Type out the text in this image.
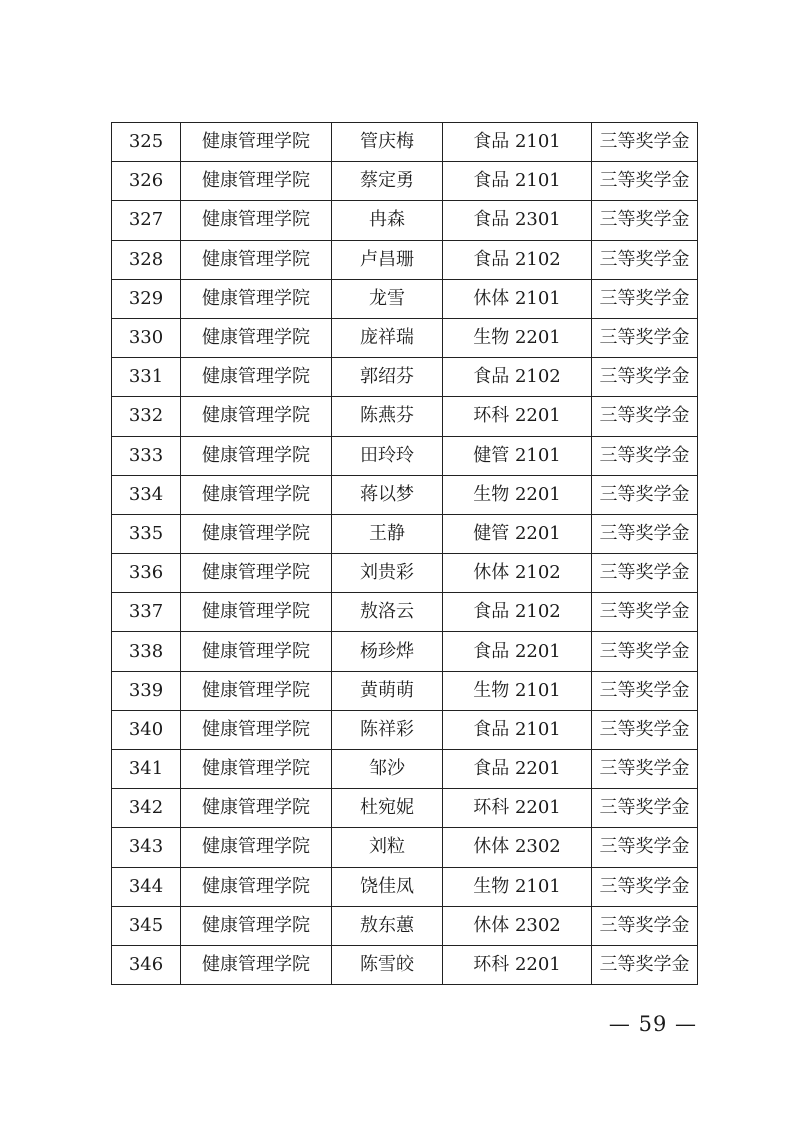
325	健康管理学院	管庆梅	食品 2101	三等奖学金
326	健康管理学院	蔡定勇	食品 2101	三等奖学金
327	健康管理学院	冉森	食品 2301	三等奖学金
328	健康管理学院	卢昌珊	食品 2102	三等奖学金
329	健康管理学院	龙雪	休体 2101	三等奖学金
330	健康管理学院	庞祥瑞	生物 2201	三等奖学金
331	健康管理学院	郭绍芬	食品 2102	三等奖学金
332	健康管理学院	陈燕芬	环科 2201	三等奖学金
333	健康管理学院	田玲玲	健管 2101	三等奖学金
334	健康管理学院	蒋以梦	生物 2201	三等奖学金
335	健康管理学院	王静	健管 2201	三等奖学金
336	健康管理学院	刘贵彩	休体 2102	三等奖学金
337	健康管理学院	敖洛云	食品 2102	三等奖学金
338	健康管理学院	杨珍烨	食品 2201	三等奖学金
339	健康管理学院	黄萌萌	生物 2101	三等奖学金
340	健康管理学院	陈祥彩	食品 2101	三等奖学金
341	健康管理学院	邹沙	食品 2201	三等奖学金
342	健康管理学院	杜宛妮	环科 2201	三等奖学金
343	健康管理学院	刘粒	休体 2302	三等奖学金
344	健康管理学院	饶佳凤	生物 2101	三等奖学金
345	健康管理学院	敖东蕙	休体 2302	三等奖学金
346	健康管理学院	陈雪皎	环科 2201	三等奖学金
— 59 —
